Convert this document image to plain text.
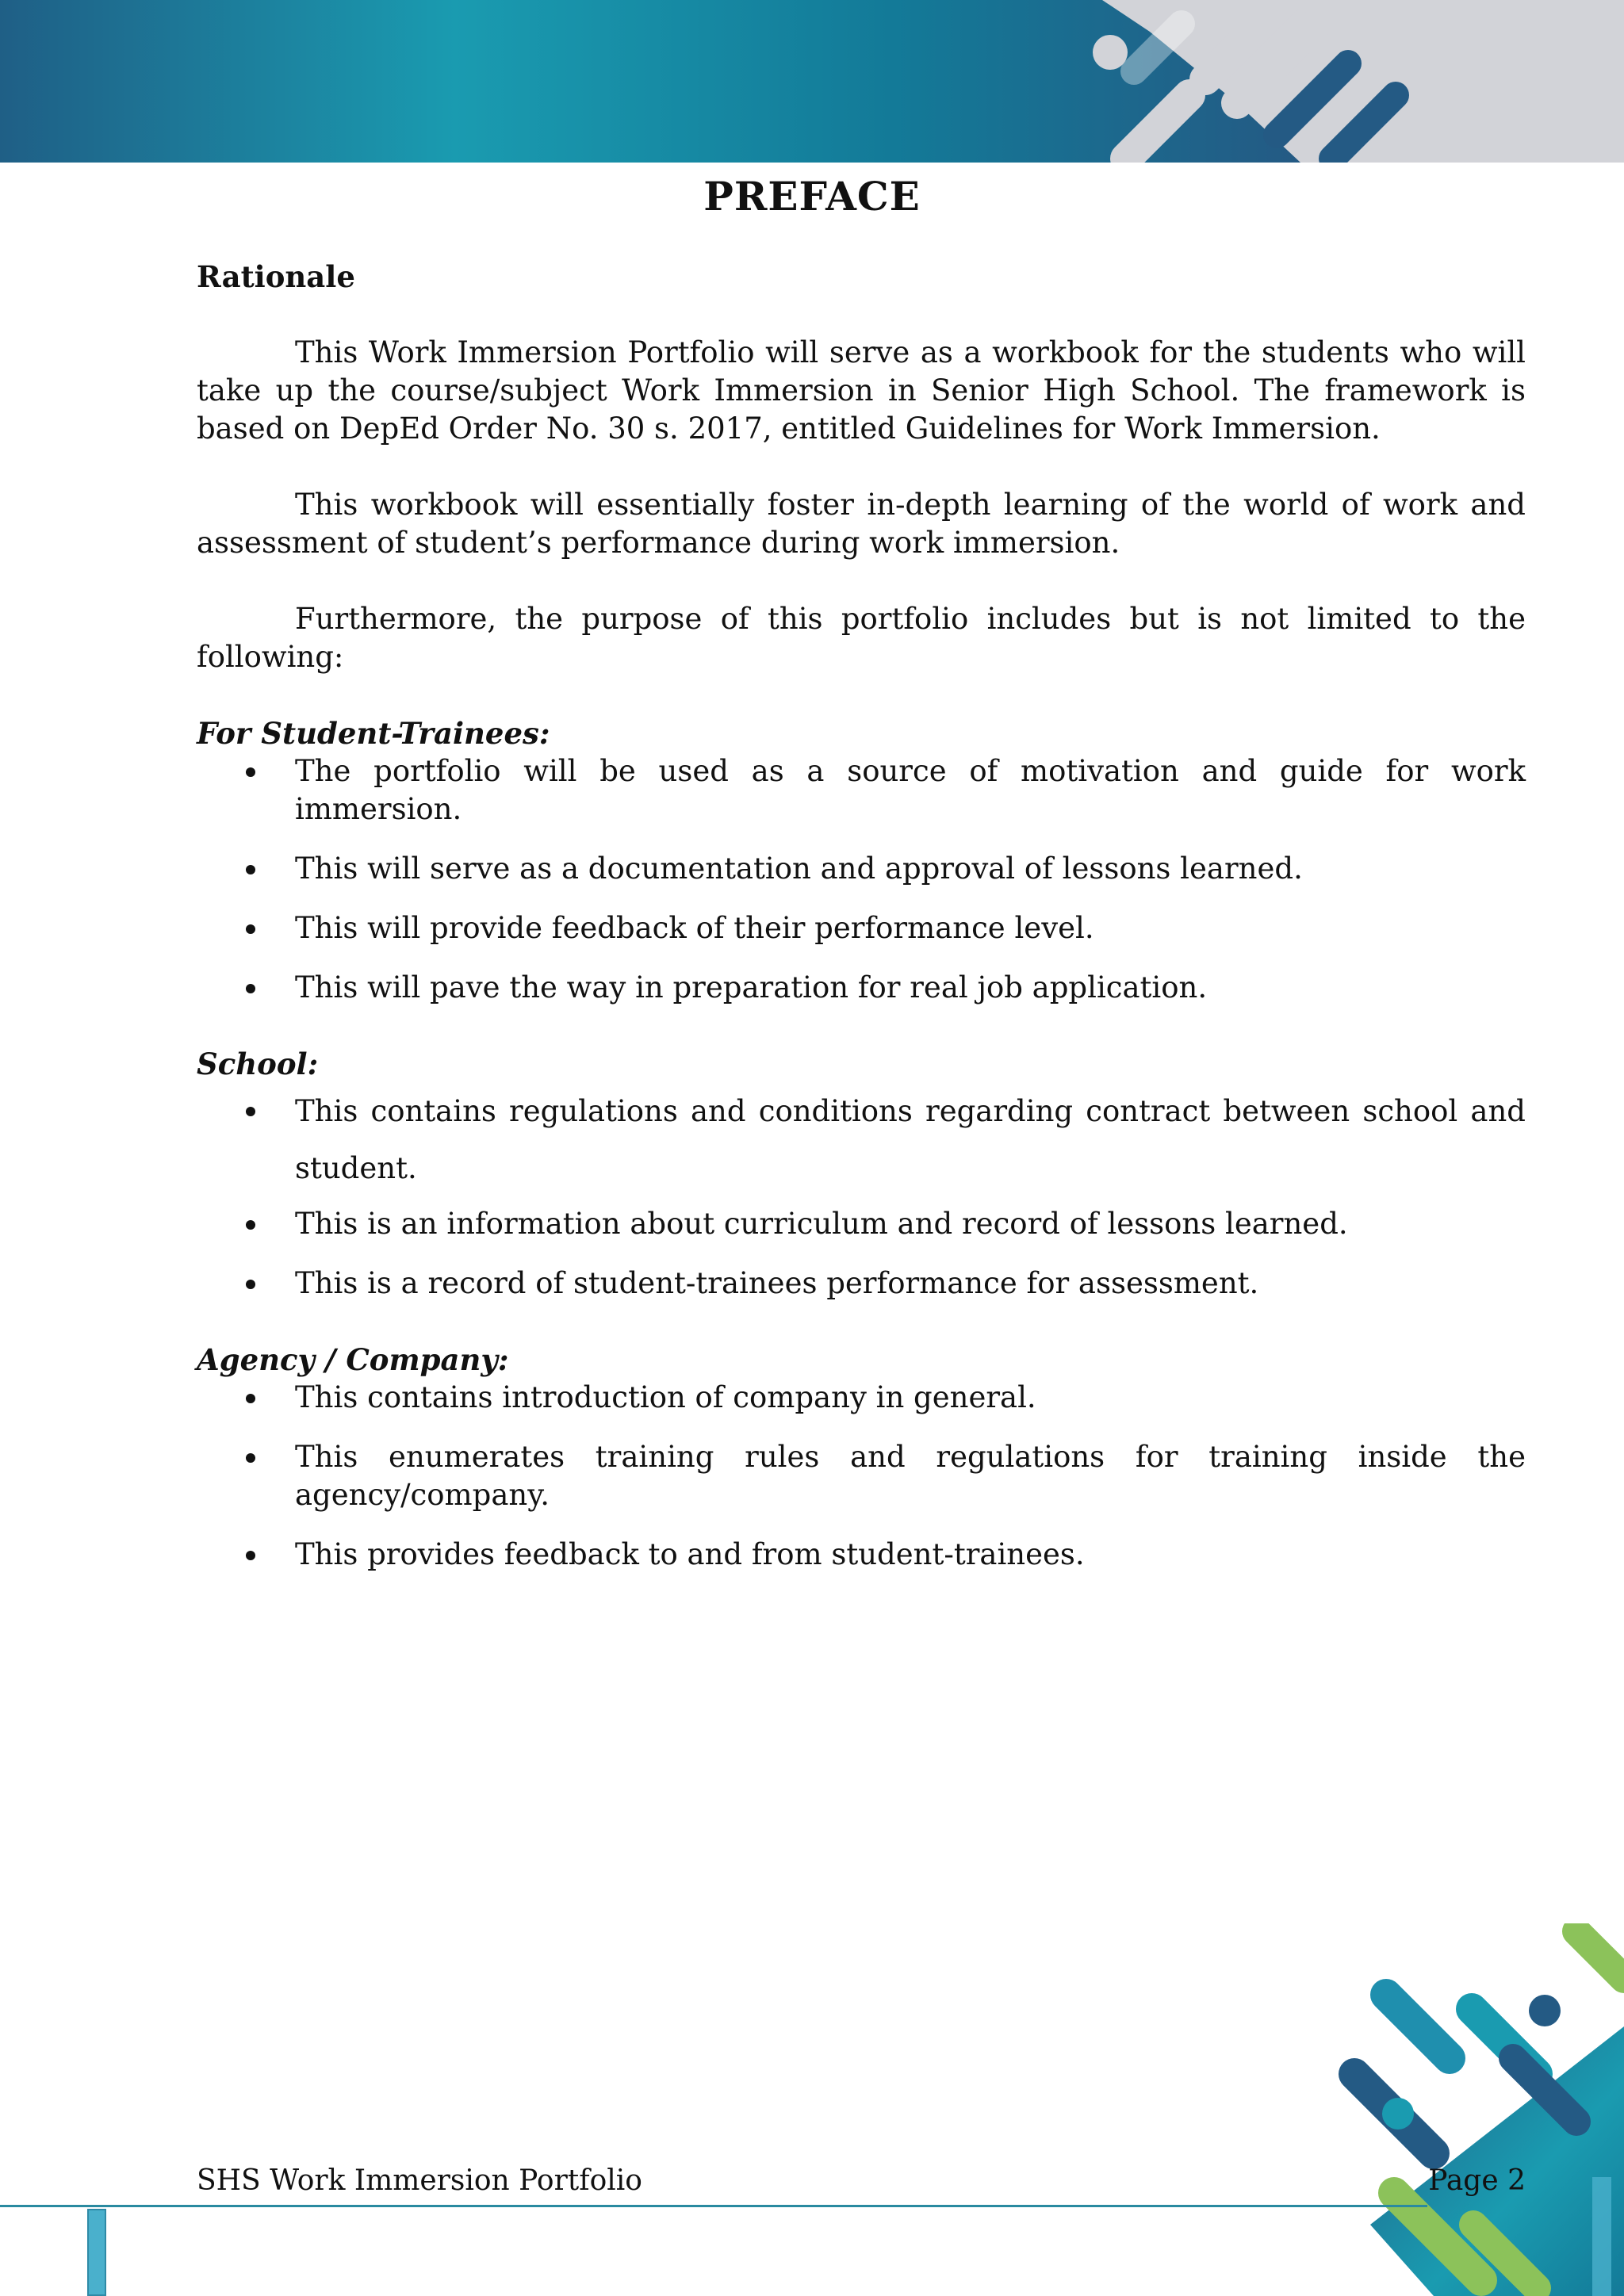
PREFACE

Rationale

This Work Immersion Portfolio will serve as a workbook for the students who will take up the course/subject Work Immersion in Senior High School. The framework is based on DepEd Order No. 30 s. 2017, entitled Guidelines for Work Immersion.

This workbook will essentially foster in-depth learning of the world of work and assessment of student’s performance during work immersion.

Furthermore, the purpose of this portfolio includes but is not limited to the following:

For Student-Trainees:

The portfolio will be used as a source of motivation and guide for work immersion.
This will serve as a documentation and approval of lessons learned.
This will provide feedback of their performance level.
This will pave the way in preparation for real job application.

School:

This contains regulations and conditions regarding contract between school and student.
This is an information about curriculum and record of lessons learned.
This is a record of student-trainees performance for assessment.

Agency / Company:

This contains introduction of company in general.
This enumerates training rules and regulations for training inside the agency/company.
This provides feedback to and from student-trainees.
SHS Work Immersion Portfolio	Page 2
